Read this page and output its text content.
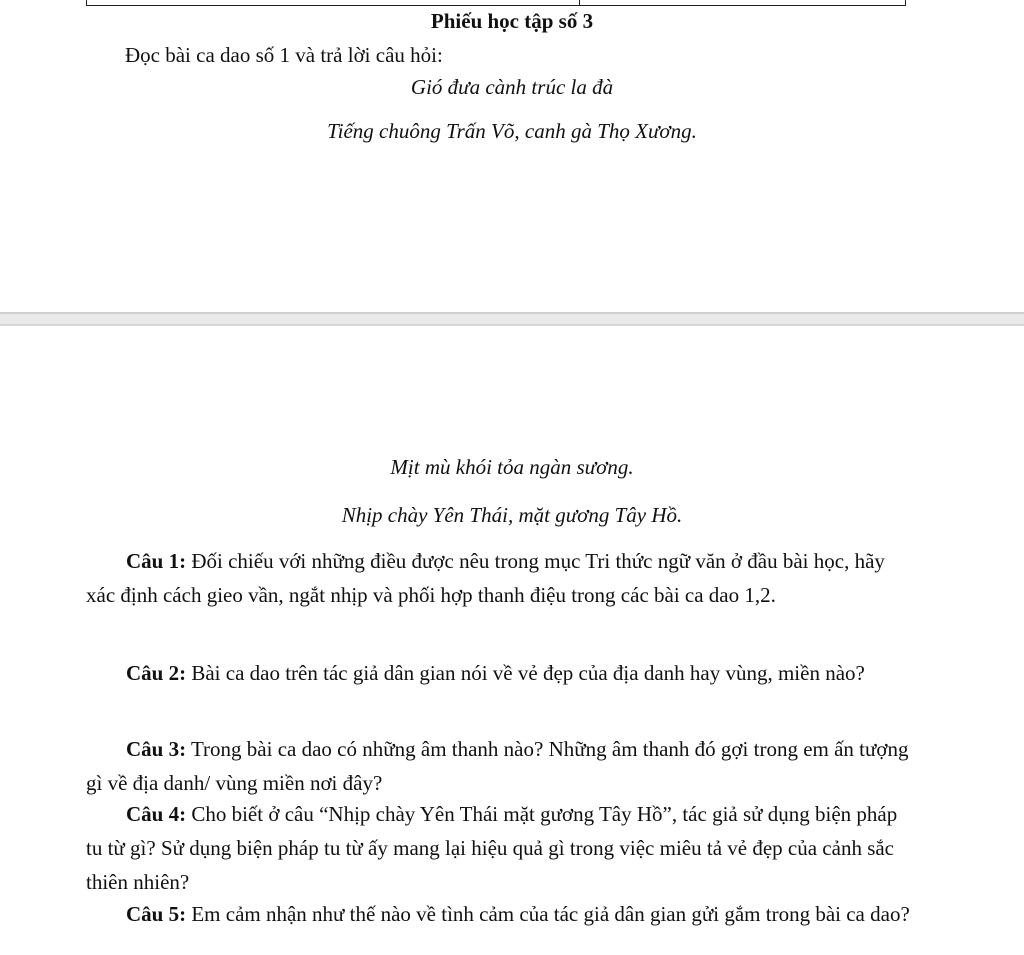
Phiếu học tập số 3

Đọc bài ca dao số 1 và trả lời câu hỏi:

Gió đưa cành trúc la đà

Tiếng chuông Trấn Võ, canh gà Thọ Xương.

Mịt mù khói tỏa ngàn sương.

Nhịp chày Yên Thái, mặt gương Tây Hồ.

Câu 1: Đối chiếu với những điều được nêu trong mục Tri thức ngữ văn ở đầu bài học, hãy xác định cách gieo vần, ngắt nhịp và phối hợp thanh điệu trong các bài ca dao 1,2.

Câu 2: Bài ca dao trên tác giả dân gian nói về vẻ đẹp của địa danh hay vùng, miền nào?

Câu 3: Trong bài ca dao có những âm thanh nào? Những âm thanh đó gợi trong em ấn tượng gì về địa danh/ vùng miền nơi đây?

Câu 4: Cho biết ở câu “Nhịp chày Yên Thái mặt gương Tây Hồ”, tác giả sử dụng biện pháp tu từ gì? Sử dụng biện pháp tu từ ấy mang lại hiệu quả gì trong việc miêu tả vẻ đẹp của cảnh sắc thiên nhiên?

Câu 5: Em cảm nhận như thế nào về tình cảm của tác giả dân gian gửi gắm trong bài ca dao?
